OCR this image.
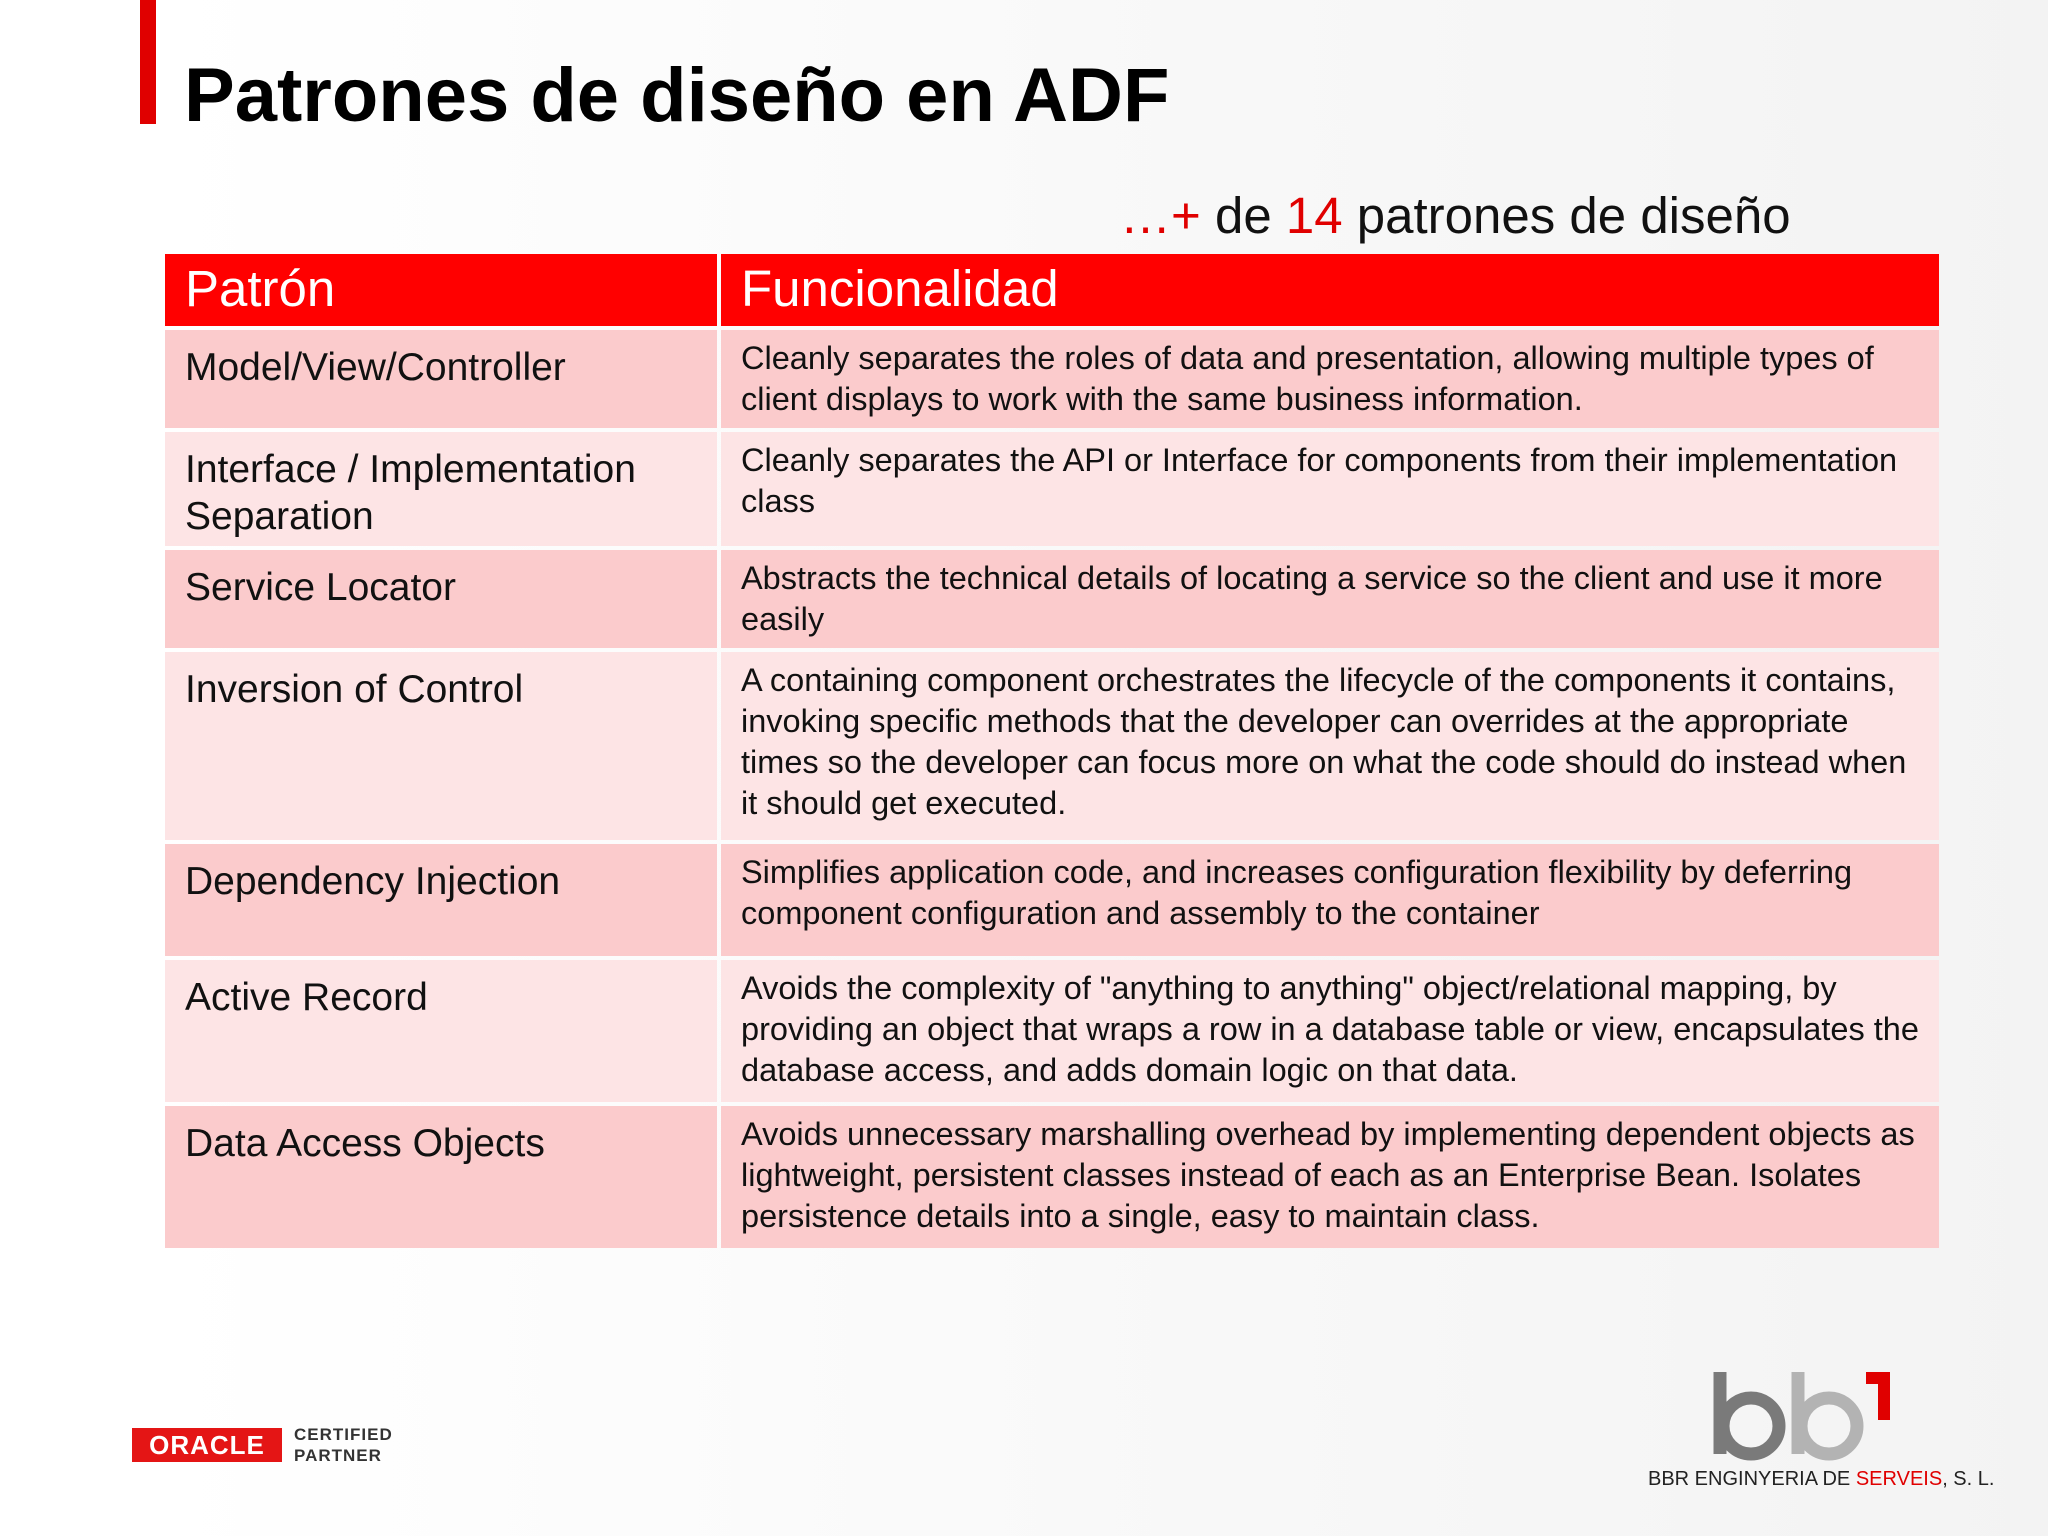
Patrones de diseño en ADF
…+ de 14 patrones de diseño
Patrón	Funcionalidad
Model/View/Controller	Cleanly separates the roles of data and presentation, allowing multiple types of client displays to work with the same business information.
Interface / Implementation Separation	Cleanly separates the API or Interface for components from their implementation class
Service Locator	Abstracts the technical details of locating a service so the client and use it more easily
Inversion of Control	A containing component orchestrates the lifecycle of the components it contains, invoking specific methods that the developer can overrides at the appropriate times so the developer can focus more on what the code should do instead when it should get executed.
Dependency Injection	Simplifies application code, and increases configuration flexibility by deferring component configuration and assembly to the container
Active Record	Avoids the complexity of "anything to anything" object/relational mapping, by providing an object that wraps a row in a database table or view, encapsulates the database access, and adds domain logic on that data.
Data Access Objects	Avoids unnecessary marshalling overhead by implementing dependent objects as lightweight, persistent classes instead of each as an Enterprise Bean. Isolates persistence details into a single, easy to maintain class.
ORACLE	CERTIFIED
PARTNER
BBR ENGINYERIA DE SERVEIS, S. L.
